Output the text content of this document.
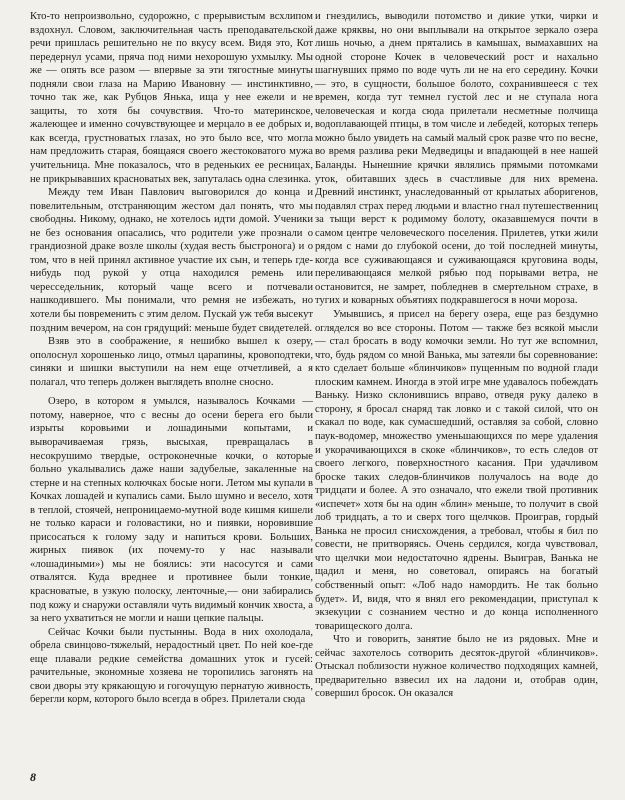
Кто-то непроизвольно, судорожно, с прерывистым всхлипом вздохнул. Словом, заключительная часть преподавательской речи пришлась решительно не по вкусу всем. Видя это, Кот передернул усами, пряча под ними нехорошую ухмылку. Мы же — опять все разом — впервые за эти тягостные минуты подняли свои глаза на Марию Ивановну — инстинктивно, точно так же, как Рубцов Янька, ища у нее ежели и не защиты, то хотя бы сочувствия. Что-то материнское, жалеющее и именно сочувствующее и мерцало в ее добрых и, как всегда, грустноватых глазах, но это было все, что могла нам предложить старая, боящаяся своего жестоковатого мужа учительница. Мне показалось, что в реденьких ее ресницах, не прикрывавших красноватых век, запуталась одна слезинка.

Между тем Иван Павлович выговорился до конца и повелительным, отстраняющим жестом дал понять, что мы свободны. Никому, однако, не хотелось идти домой. Ученики не без основания опасались, что родители уже прознали о грандиозной драке возле школы (худая весть быстронога) и о том, что в ней принял активное участие их сын, и теперь где-нибудь под рукой у отца находился ремень или чересседельник, который чаще всего и потчевали нашкодившего. Мы понимали, что ремня не избежать, но хотели бы повременить с этим делом. Пускай уж тебя высекут поздним вечером, на сон грядущий: меньше будет свидетелей.

Взяв это в соображение, я нешибко вышел к озеру, ополоснул хорошенько лицо, отмыл царапины, кровоподтеки, синяки и шишки выступили на нем еще отчетливей, а я полагал, что теперь должен выглядеть вполне сносно.

Озеро, в котором я умылся, называлось Кочками — потому, наверное, что с весны до осени берега его были изрыты коровьими и лошадиными копытами, и выворачиваемая грязь, высыхая, превращалась в несокрушимо твердые, остроконечные кочки, о которые больно укалывались даже наши задубелые, закаленные на стерне и на степных колючках босые ноги. Летом мы купали в Кочках лошадей и купались сами. Было шумно и весело, хотя в теплой, стоячей, непроницаемо-мутной воде кишмя кишели не только караси и головастики, но и пиявки, норовившие присосаться к голому заду и напиться крови. Больших, жирных пиявок (их почему-то у нас называли «лошадиными») мы не боялись: эти насосутся и сами отвалятся. Куда вреднее и противнее были тонкие, красноватые, в узкую полоску, ленточные,— они забирались под кожу и снаружи оставляли чуть видимый кончик хвоста, а за него ухватиться не могли и наши цепкие пальцы.

Сейчас Кочки были пустынны. Вода в них охолодала, обрела свинцово-тяжелый, нерадостный цвет. По ней кое-где еще плавали редкие семейства домашних уток и гусей: рачительные, экономные хозяева не торопились загонять на свои дворы эту крякающую и гогочущую пернатую живность, берегли корм, которого было всегда в обрез. Прилетали сюда

и гнездились, выводили потомство и дикие утки, чирки и даже кряквы, но они выплывали на открытое зеркало озера лишь ночью, а днем прятались в камышах, вымахавших на одной стороне Кочек в человеческий рост и нахально шагнувших прямо по воде чуть ли не на его середину. Кочки — это, в сущности, большое болото, сохранившееся с тех времен, когда тут темнел густой лес и не ступала нога человеческая и когда сюда прилетали несметные полчища водоплавающей птицы, в том числе и лебедей, которых теперь можно было увидеть на самый малый срок разве что по весне, во время разлива реки Медведицы и впадающей в нее нашей Баланды. Нынешние крячки являлись прямыми потомками уток, обитавших здесь в счастливые для них времена. Древний инстинкт, унаследованный от крылатых аборигенов, подавлял страх перед людьми и властно гнал путешественниц за тыщи верст к родимому болоту, оказавшемуся почти в самом центре человеческого поселения. Прилетев, утки жили рядом с нами до глубокой осени, до той последней минуты, когда все суживающаяся и суживающаяся круговина воды, переливающаяся мелкой рябью под порывами ветра, не остановится, не замрет, побледнев в смертельном страхе, в тугих и коварных объятиях подкравшегося в ночи мороза.

Умывшись, я присел на берегу озера, еще раз бездумно огляделся во все стороны. Потом — также без всякой мысли — стал бросать в воду комочки земли. Но тут же вспомнил, что, будь рядом со мной Ванька, мы затеяли бы соревнование: кто сделает больше «блинчиков» пущенным по водной глади плоским камнем. Иногда в этой игре мне удавалось побеждать Ваньку. Низко склонившись вправо, отведя руку далеко в сторону, я бросал снаряд так ловко и с такой силой, что он скакал по воде, как сумасшедший, оставляя за собой, словно паук-водомер, множество уменьшающихся по мере удаления и укорачивающихся в скоке «блинчиков», то есть следов от своего легкого, поверхностного касания. При удачливом броске таких следов-блинчиков получалось на воде до тридцати и более. А это означало, что ежели твой противник «испечет» хотя бы на один «блин» меньше, то получит в свой лоб тридцать, а то и сверх того щелчков. Проиграв, гордый Ванька не просил снисхождения, а требовал, чтобы я бил по совести, не притворяясь. Очень сердился, когда чувствовал, что щелчки мои недостаточно ядрены. Выиграв, Ванька не щадил и меня, но советовал, опираясь на богатый собственный опыт: «Лоб надо намордить. Не так больно будет». И, видя, что я внял его рекомендации, приступал к экзекуции с сознанием честно и до конца исполненного товарищеского долга.

Что и говорить, занятие было не из рядовых. Мне и сейчас захотелось сотворить десяток-другой «блинчиков». Отыскал поблизости нужное количество подходящих камней, предварительно взвесил их на ладони и, отобрав один, совершил бросок. Он оказался

8
